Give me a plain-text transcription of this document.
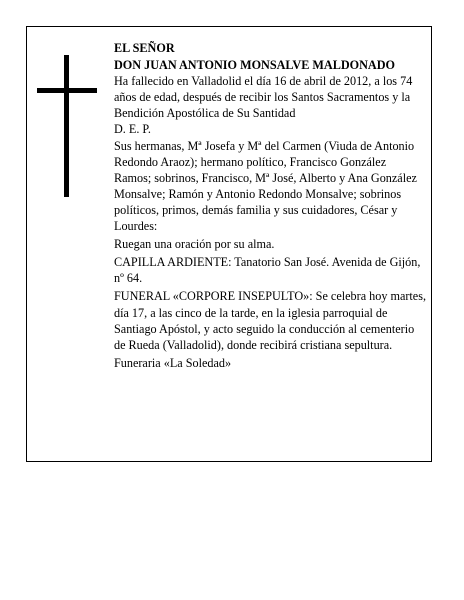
EL SEÑOR

DON JUAN ANTONIO MONSALVE MALDONADO

Ha fallecido en Valladolid el día 16 de abril de 2012, a los 74 años de edad, después de recibir los Santos Sacramentos y la Bendición Apostólica de Su Santidad

D. E. P.

Sus hermanas, Mª Josefa y Mª del Carmen (Viuda de Antonio Redondo Araoz); hermano político, Francisco González Ramos; sobrinos, Francisco, Mª José, Alberto y Ana González Monsalve; Ramón y Antonio Redondo Monsalve; sobrinos políticos, primos, demás familia y sus cuidadores, César y Lourdes:

Ruegan una oración por su alma.

CAPILLA ARDIENTE: Tanatorio San José. Avenida de Gijón, nº 64.

FUNERAL «CORPORE INSEPULTO»: Se celebra hoy martes, día 17, a las cinco de la tarde, en la iglesia parroquial de Santiago Apóstol, y acto seguido la conducción al cementerio de Rueda (Valladolid), donde recibirá cristiana sepultura.

Funeraria «La Soledad»
